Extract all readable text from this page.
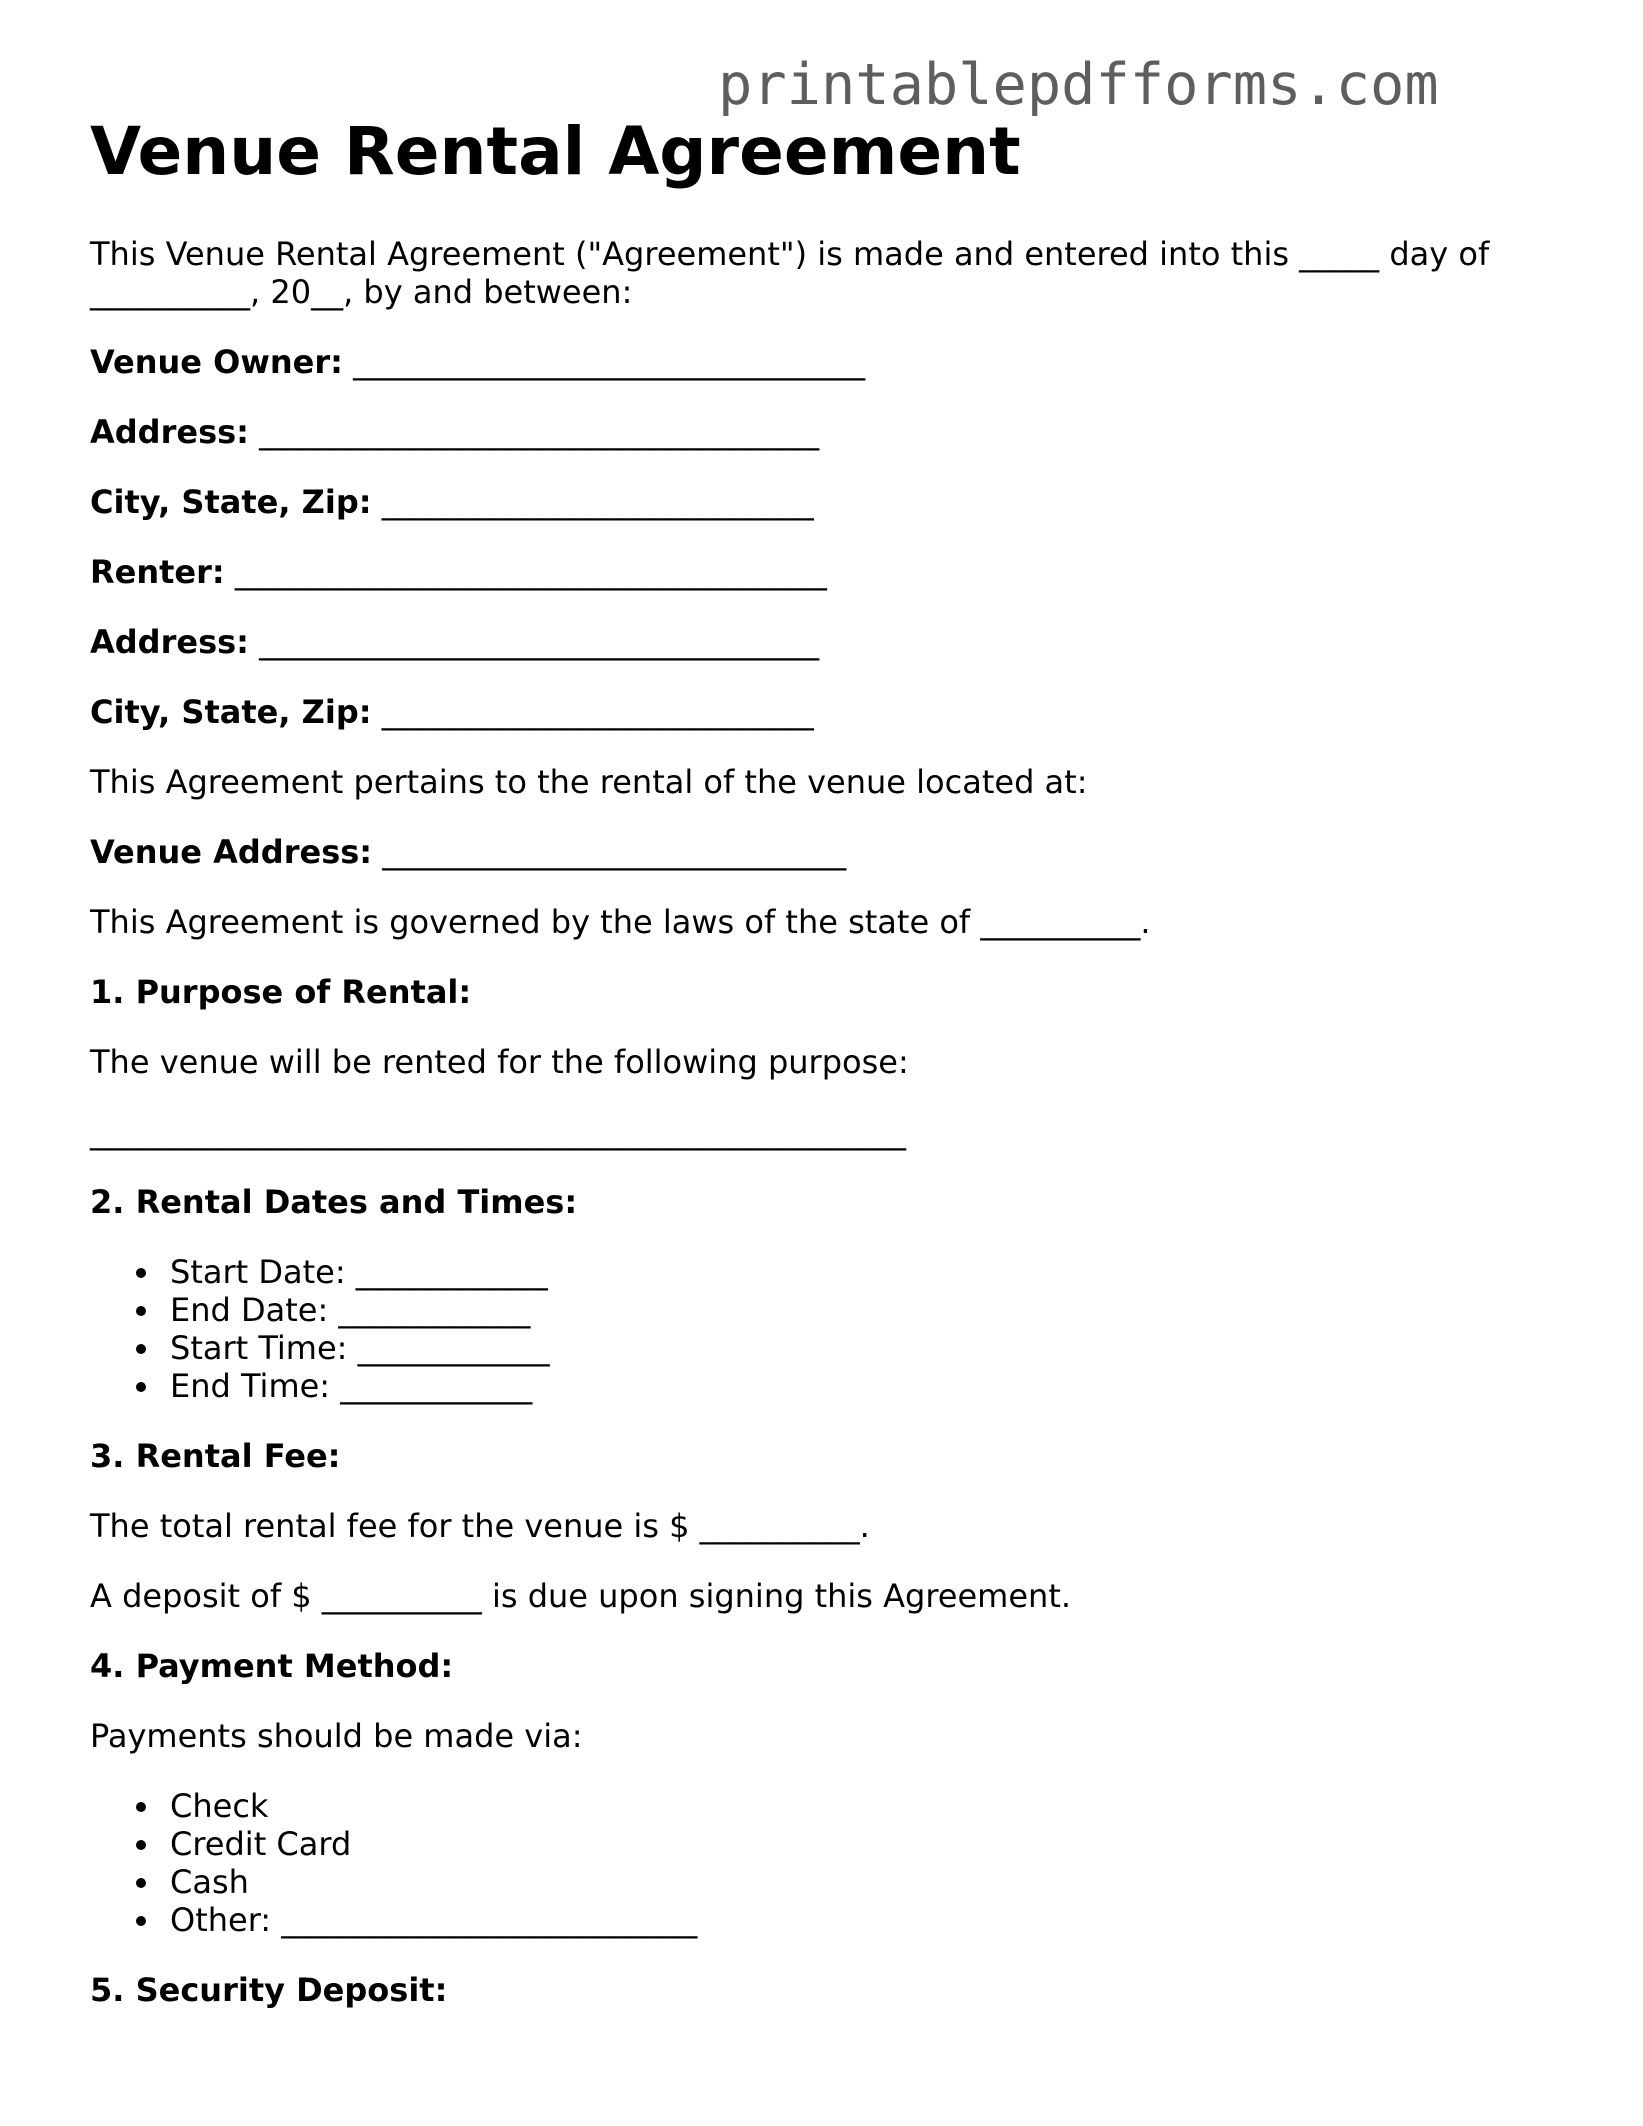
printablepdfforms.com
Venue Rental Agreement

This Venue Rental Agreement ("Agreement") is made and entered into this _____ day of

__________, 20__, by and between:

Venue Owner: ________________________________

Address: ___________________________________

City, State, Zip: ___________________________

Renter: _____________________________________

Address: ___________________________________

City, State, Zip: ___________________________

This Agreement pertains to the rental of the venue located at:

Venue Address: _____________________________

This Agreement is governed by the laws of the state of __________.

1. Purpose of Rental:

The venue will be rented for the following purpose:

___________________________________________________

2. Rental Dates and Times:

Start Date: ____________
End Date: ____________
Start Time: ____________
End Time: ____________

3. Rental Fee:

The total rental fee for the venue is $ __________.

A deposit of $ __________ is due upon signing this Agreement.

4. Payment Method:

Payments should be made via:

Check
Credit Card
Cash
Other: __________________________

5. Security Deposit:
